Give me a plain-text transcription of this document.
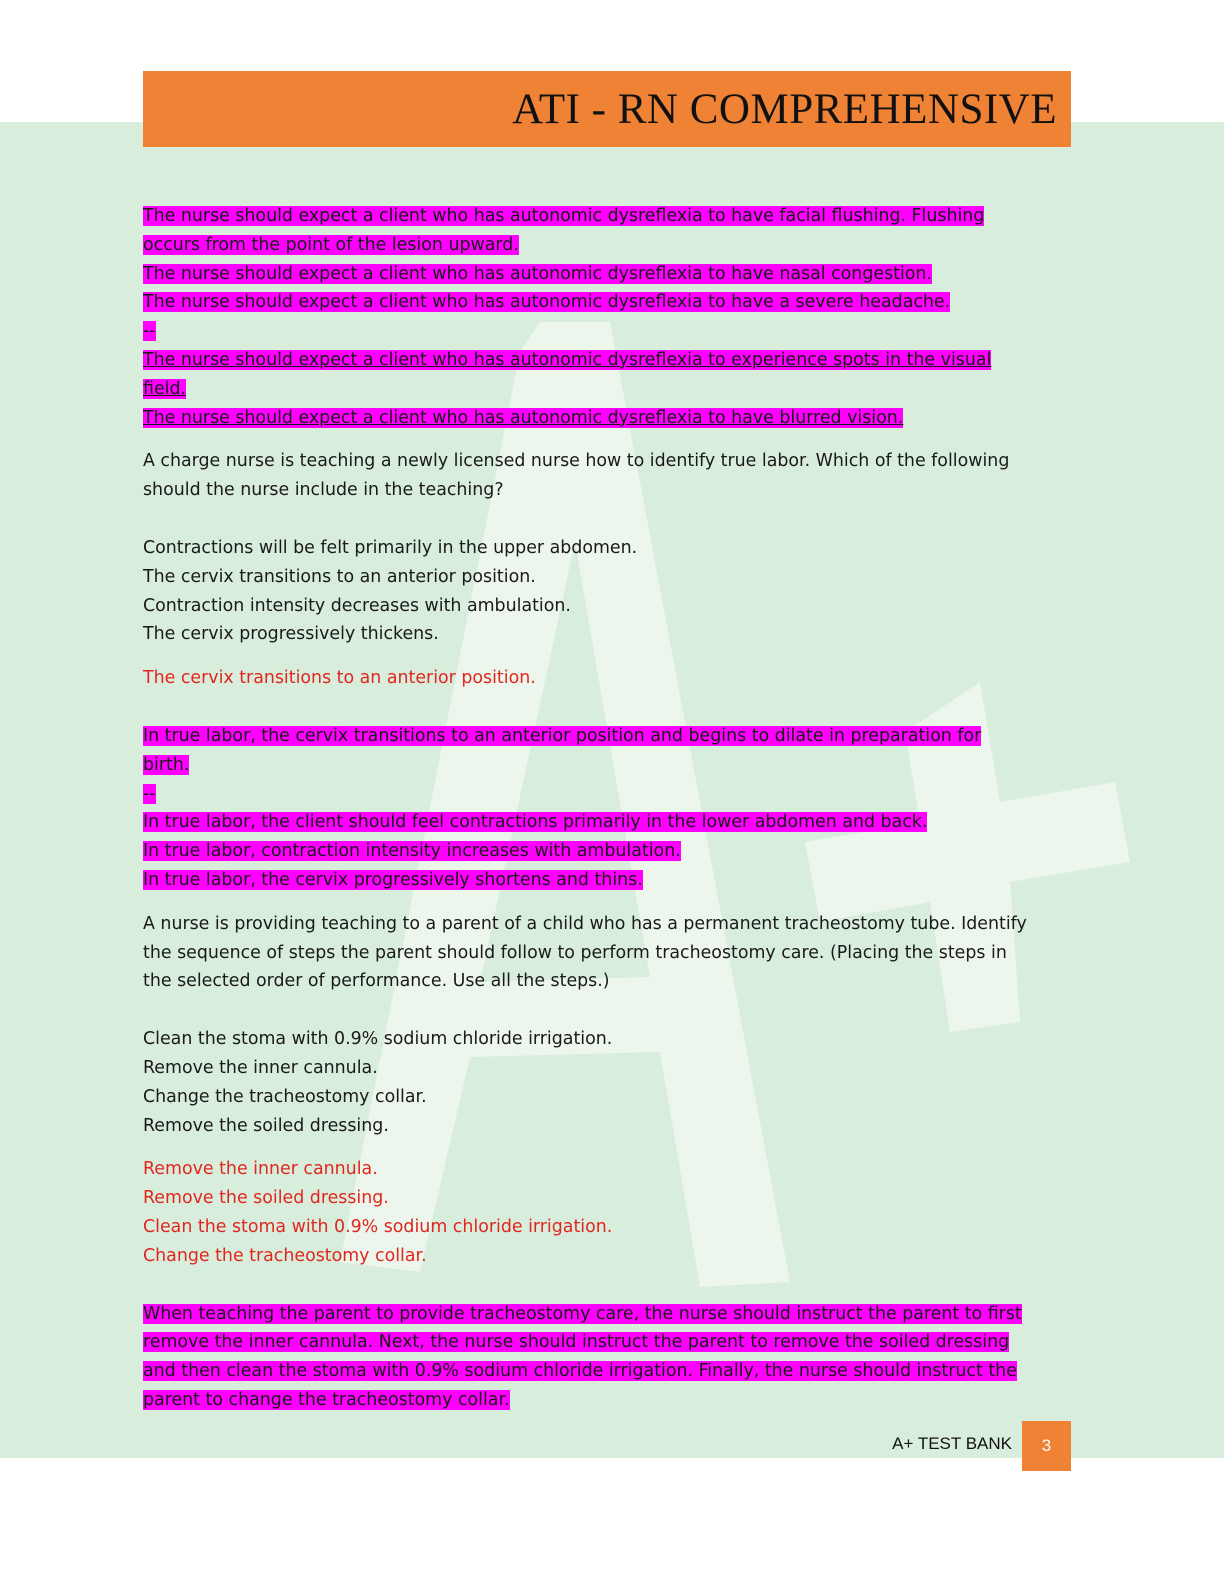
ATI - RN COMPREHENSIVE
The nurse should expect a client who has autonomic dysreflexia to have facial flushing. Flushing
occurs from the point of the lesion upward.
The nurse should expect a client who has autonomic dysreflexia to have nasal congestion.
The nurse should expect a client who has autonomic dysreflexia to have a severe headache.
--
The nurse should expect a client who has autonomic dysreflexia to experience spots in the visual
field.
The nurse should expect a client who has autonomic dysreflexia to have blurred vision.
A charge nurse is teaching a newly licensed nurse how to identify true labor. Which of the following
should the nurse include in the teaching?
Contractions will be felt primarily in the upper abdomen.
The cervix transitions to an anterior position.
Contraction intensity decreases with ambulation.
The cervix progressively thickens.
The cervix transitions to an anterior position.
In true labor, the cervix transitions to an anterior position and begins to dilate in preparation for
birth.
--
In true labor, the client should feel contractions primarily in the lower abdomen and back.
In true labor, contraction intensity increases with ambulation.
In true labor, the cervix progressively shortens and thins.
A nurse is providing teaching to a parent of a child who has a permanent tracheostomy tube. Identify
the sequence of steps the parent should follow to perform tracheostomy care. (Placing the steps in
the selected order of performance. Use all the steps.)
Clean the stoma with 0.9% sodium chloride irrigation.
Remove the inner cannula.
Change the tracheostomy collar.
Remove the soiled dressing.
Remove the inner cannula.
Remove the soiled dressing.
Clean the stoma with 0.9% sodium chloride irrigation.
Change the tracheostomy collar.
When teaching the parent to provide tracheostomy care, the nurse should instruct the parent to first
remove the inner cannula. Next, the nurse should instruct the parent to remove the soiled dressing
and then clean the stoma with 0.9% sodium chloride irrigation. Finally, the nurse should instruct the
parent to change the tracheostomy collar.
A+ TEST BANK	3
